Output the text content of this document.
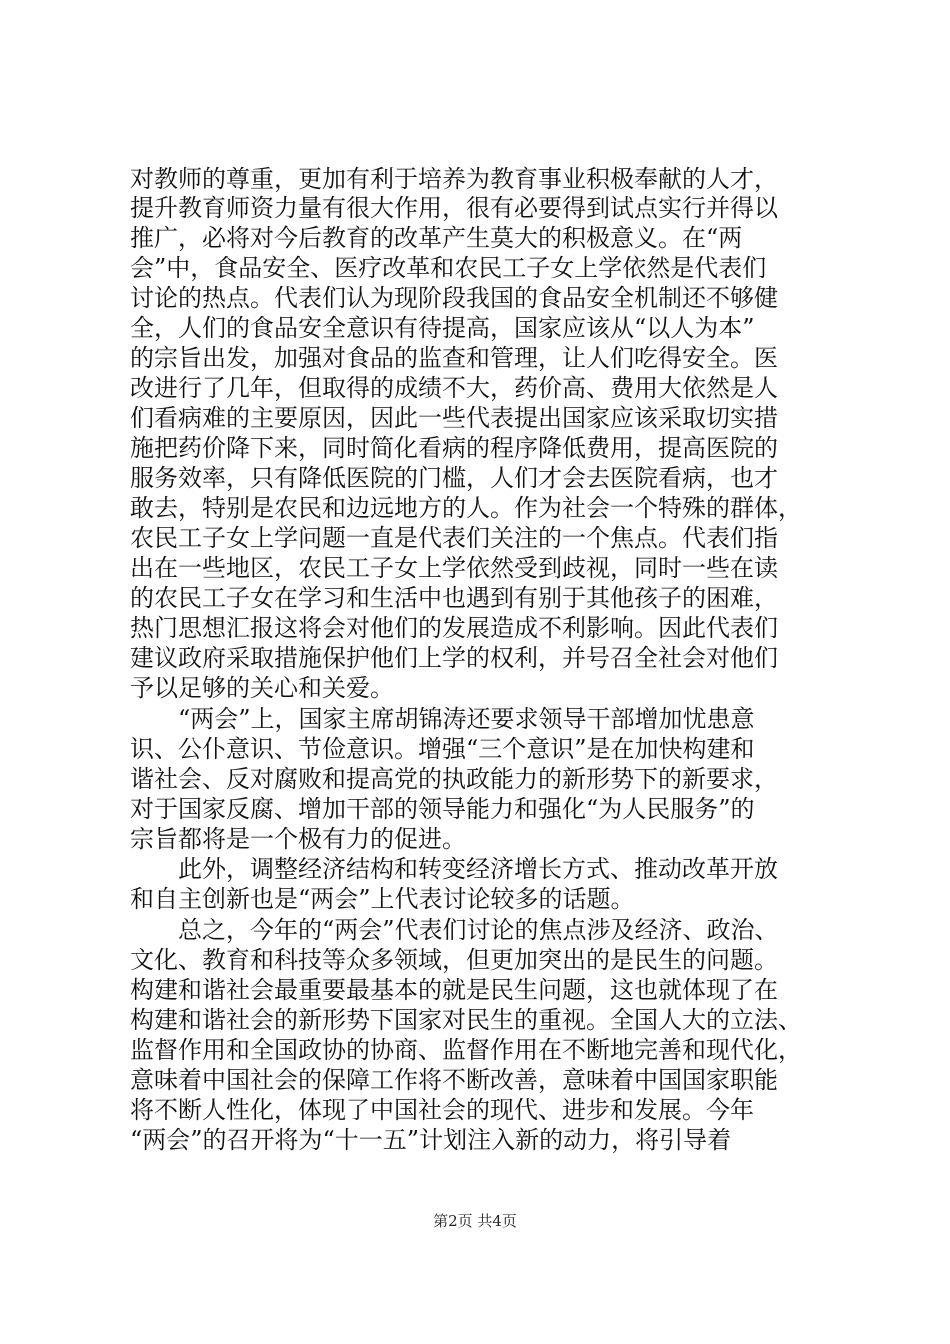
对教师的尊重，更加有利于培养为教育事业积极奉献的人才，
提升教育师资力量有很大作用，很有必要得到试点实行并得以
推广，必将对今后教育的改革产生莫大的积极意义。在“两
会”中，食品安全、医疗改革和农民工子女上学依然是代表们
讨论的热点。代表们认为现阶段我国的食品安全机制还不够健
全，人们的食品安全意识有待提高，国家应该从“以人为本”
的宗旨出发，加强对食品的监查和管理，让人们吃得安全。医
改进行了几年，但取得的成绩不大，药价高、费用大依然是人
们看病难的主要原因，因此一些代表提出国家应该采取切实措
施把药价降下来，同时简化看病的程序降低费用，提高医院的
服务效率，只有降低医院的门槛，人们才会去医院看病，也才
敢去，特别是农民和边远地方的人。作为社会一个特殊的群体，
农民工子女上学问题一直是代表们关注的一个焦点。代表们指
出在一些地区，农民工子女上学依然受到歧视，同时一些在读
的农民工子女在学习和生活中也遇到有别于其他孩子的困难，
热门思想汇报这将会对他们的发展造成不利影响。因此代表们
建议政府采取措施保护他们上学的权利，并号召全社会对他们
予以足够的关心和关爱。
“两会”上，国家主席胡锦涛还要求领导干部增加忧患意
识、公仆意识、节俭意识。增强“三个意识”是在加快构建和
谐社会、反对腐败和提高党的执政能力的新形势下的新要求，
对于国家反腐、增加干部的领导能力和强化“为人民服务”的
宗旨都将是一个极有力的促进。
此外，调整经济结构和转变经济增长方式、推动改革开放
和自主创新也是“两会”上代表讨论较多的话题。
总之，今年的“两会”代表们讨论的焦点涉及经济、政治、
文化、教育和科技等众多领域，但更加突出的是民生的问题。
构建和谐社会最重要最基本的就是民生问题，这也就体现了在
构建和谐社会的新形势下国家对民生的重视。全国人大的立法、
监督作用和全国政协的协商、监督作用在不断地完善和现代化，
意味着中国社会的保障工作将不断改善，意味着中国国家职能
将不断人性化，体现了中国社会的现代、进步和发展。今年
“两会”的召开将为“十一五”计划注入新的动力，将引导着
第2页 共4页
